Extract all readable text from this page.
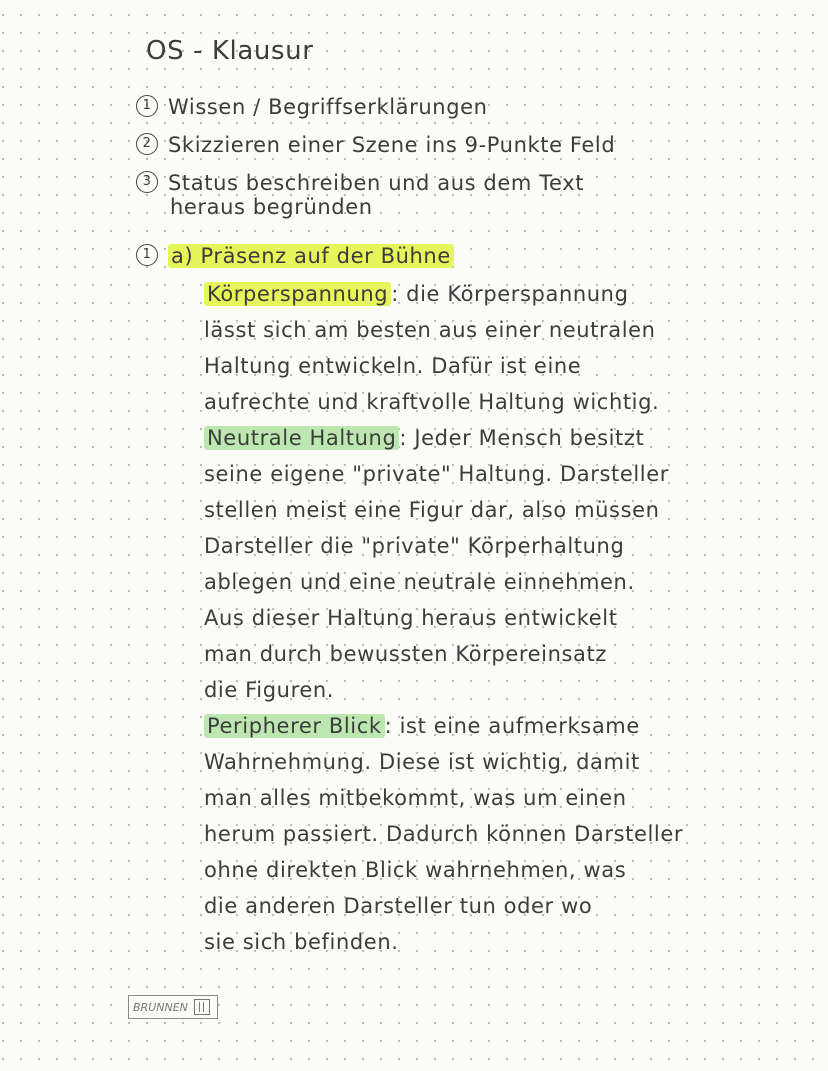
OS - Klausur
1 Wissen / Begriffserklärungen
2 Skizzieren einer Szene ins 9-Punkte Feld
3 Status beschreiben und aus dem Text
heraus begründen
1 a) Präsenz auf der Bühne
Körperspannung : die Körperspannung
lässt sich am besten aus einer neutralen
Haltung entwickeln. Dafür ist eine
aufrechte und kraftvolle Haltung wichtig.
Neutrale Haltung : Jeder Mensch besitzt
seine eigene "private" Haltung. Darsteller
stellen meist eine Figur dar, also müssen
Darsteller die "private" Körperhaltung
ablegen und eine neutrale einnehmen.
Aus dieser Haltung heraus entwickelt
man durch bewussten Körpereinsatz
die Figuren.
Peripherer Blick : ist eine aufmerksame
Wahrnehmung. Diese ist wichtig, damit
man alles mitbekommt, was um einen
herum passiert. Dadurch können Darsteller
ohne direkten Blick wahrnehmen, was
die anderen Darsteller tun oder wo
sie sich befinden.
BRUNNEN
